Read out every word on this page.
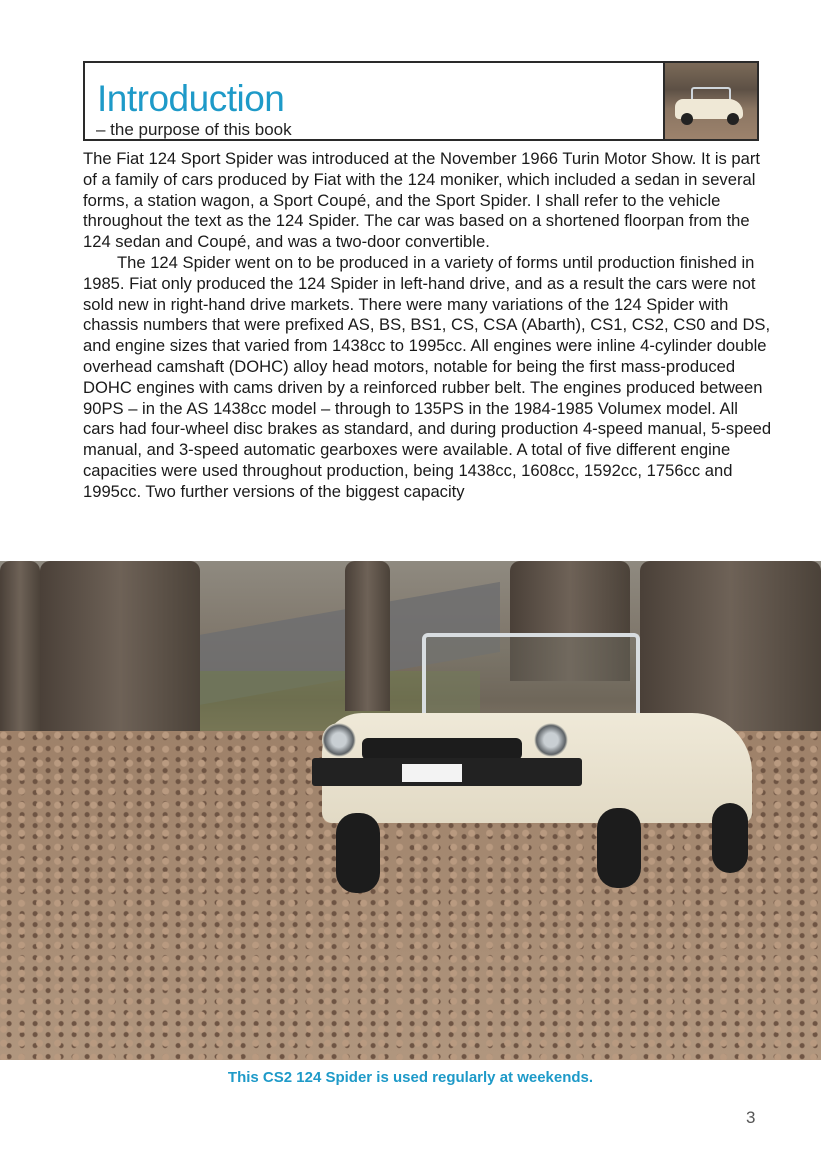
Introduction
– the purpose of this book

The Fiat 124 Sport Spider was introduced at the November 1966 Turin Motor Show. It is part of a family of cars produced by Fiat with the 124 moniker, which included a sedan in several forms, a station wagon, a Sport Coupé, and the Sport Spider. I shall refer to the vehicle throughout the text as the 124 Spider. The car was based on a shortened floorpan from the 124 sedan and Coupé, and was a two-door convertible.

The 124 Spider went on to be produced in a variety of forms until production finished in 1985. Fiat only produced the 124 Spider in left-hand drive, and as a result the cars were not sold new in right-hand drive markets. There were many variations of the 124 Spider with chassis numbers that were prefixed AS, BS, BS1, CS, CSA (Abarth), CS1, CS2, CS0 and DS, and engine sizes that varied from 1438cc to 1995cc. All engines were inline 4-cylinder double overhead camshaft (DOHC) alloy head motors, notable for being the first mass-produced DOHC engines with cams driven by a reinforced rubber belt. The engines produced between 90PS – in the AS 1438cc model – through to 135PS in the 1984-1985 Volumex model. All cars had four-wheel disc brakes as standard, and during production 4-speed manual, 5-speed manual, and 3-speed automatic gearboxes were available. A total of five different engine capacities were used throughout production, being 1438cc, 1608cc, 1592cc, 1756cc and 1995cc. Two further versions of the biggest capacity

This CS2 124 Spider is used regularly at weekends.
3
